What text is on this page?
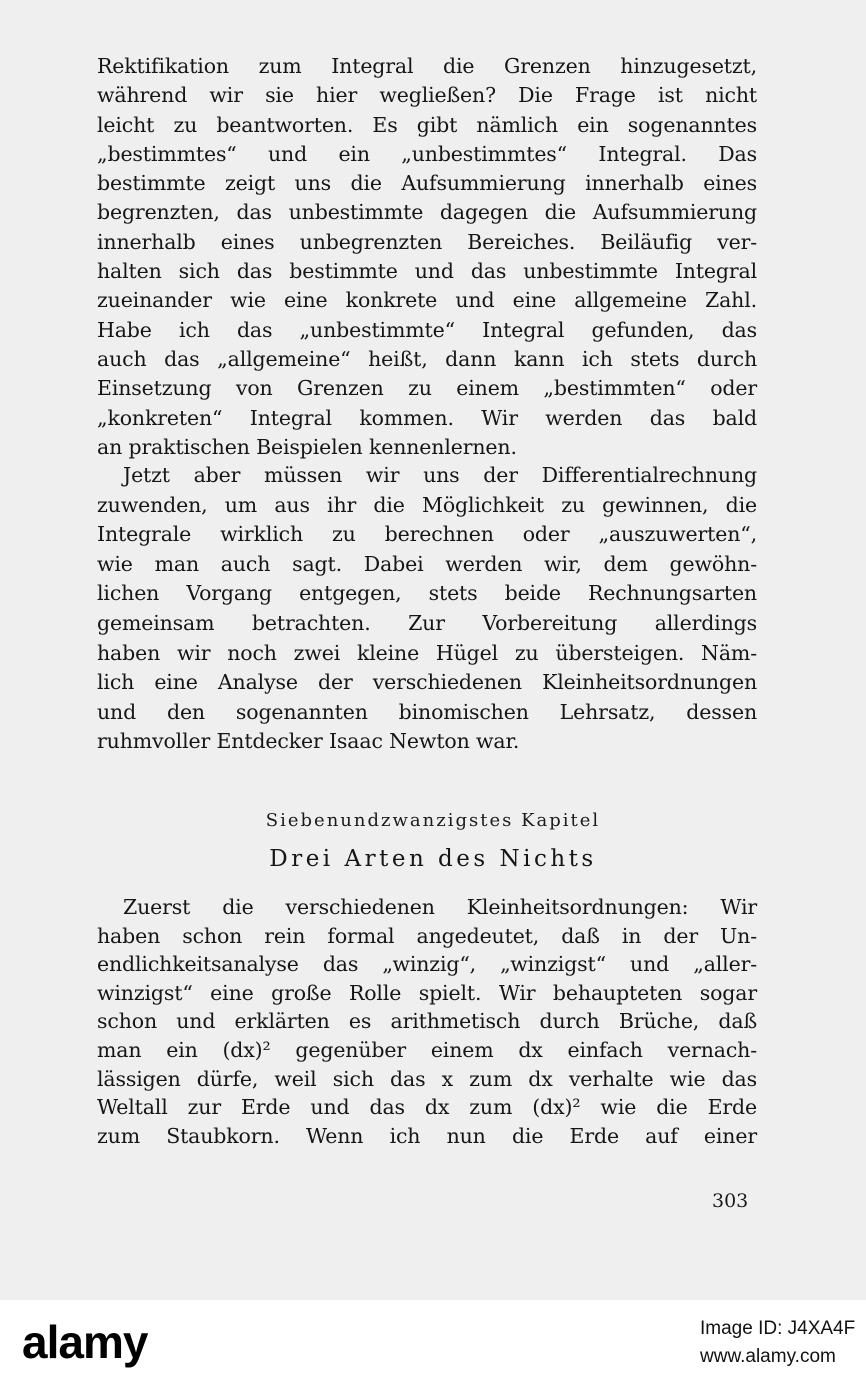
Rektifikation zum Integral die Grenzen hinzugesetzt,
während wir sie hier wegließen? Die Frage ist nicht
leicht zu beantworten. Es gibt nämlich ein sogenanntes
„bestimmtes“ und ein „unbestimmtes“ Integral. Das
bestimmte zeigt uns die Aufsummierung innerhalb eines
begrenzten, das unbestimmte dagegen die Aufsummierung
innerhalb eines unbegrenzten Bereiches. Beiläufig ver-
halten sich das bestimmte und das unbestimmte Integral
zueinander wie eine konkrete und eine allgemeine Zahl.
Habe ich das „unbestimmte“ Integral gefunden, das
auch das „allgemeine“ heißt, dann kann ich stets durch
Einsetzung von Grenzen zu einem „bestimmten“ oder
„konkreten“ Integral kommen. Wir werden das bald
an praktischen Beispielen kennenlernen.
Jetzt aber müssen wir uns der Differentialrechnung
zuwenden, um aus ihr die Möglichkeit zu gewinnen, die
Integrale wirklich zu berechnen oder „auszuwerten“,
wie man auch sagt. Dabei werden wir, dem gewöhn-
lichen Vorgang entgegen, stets beide Rechnungsarten
gemeinsam betrachten. Zur Vorbereitung allerdings
haben wir noch zwei kleine Hügel zu übersteigen. Näm-
lich eine Analyse der verschiedenen Kleinheitsordnungen
und den sogenannten binomischen Lehrsatz, dessen
ruhmvoller Entdecker Isaac Newton war.
Siebenundzwanzigstes Kapitel
Drei Arten des Nichts
Zuerst die verschiedenen Kleinheitsordnungen: Wir
haben schon rein formal angedeutet, daß in der Un-
endlichkeitsanalyse das „winzig“, „winzigst“ und „aller-
winzigst“ eine große Rolle spielt. Wir behaupteten sogar
schon und erklärten es arithmetisch durch Brüche, daß
man ein (dx)² gegenüber einem dx einfach vernach-
lässigen dürfe, weil sich das x zum dx verhalte wie das
Weltall zur Erde und das dx zum (dx)² wie die Erde
zum Staubkorn. Wenn ich nun die Erde auf einer
303
alamy	Image ID: J4XA4F
www.alamy.com
